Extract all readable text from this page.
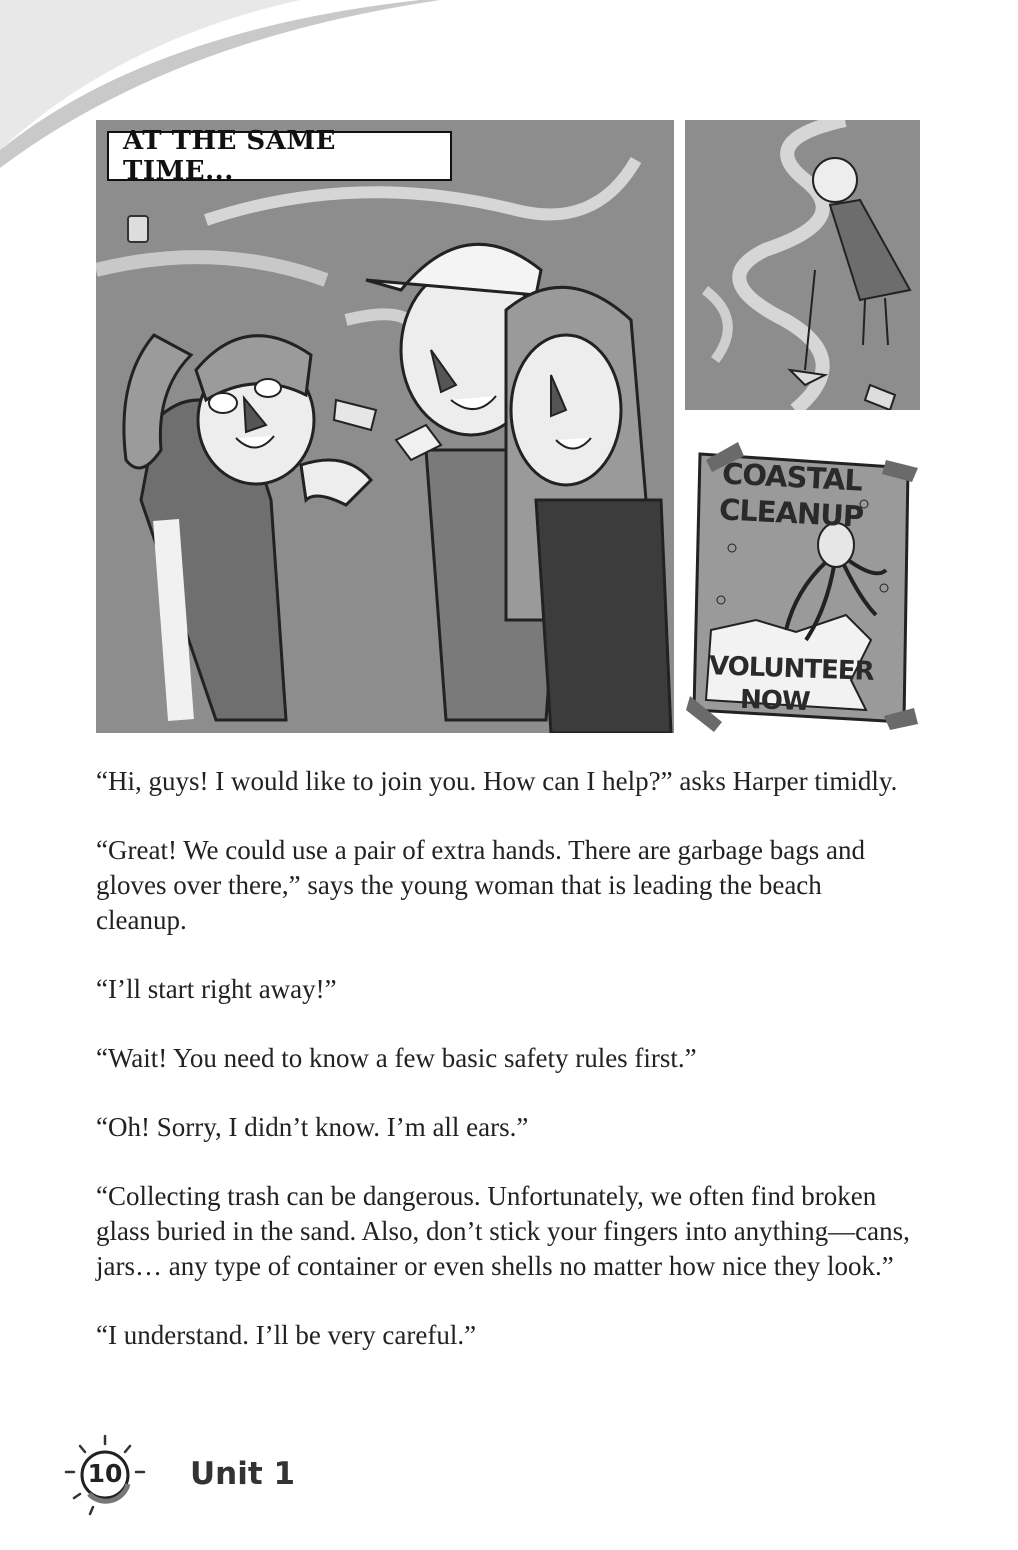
AT THE SAME TIME...
COASTAL
CLEANUP
VOLUNTEER
NOW

“Hi, guys! I would like to join you. How can I help?” asks Harper timidly.

“Great! We could use a pair of extra hands. There are garbage bags and gloves over there,” says the young woman that is leading the beach cleanup.

“I’ll start right away!”

“Wait! You need to know a few basic safety rules first.”

“Oh! Sorry, I didn’t know. I’m all ears.”

“Collecting trash can be dangerous. Unfortunately, we often find broken glass buried in the sand. Also, don’t stick your fingers into anything—cans, jars… any type of container or even shells no matter how nice they look.”

“I understand. I’ll be very careful.”

10 Unit 1
